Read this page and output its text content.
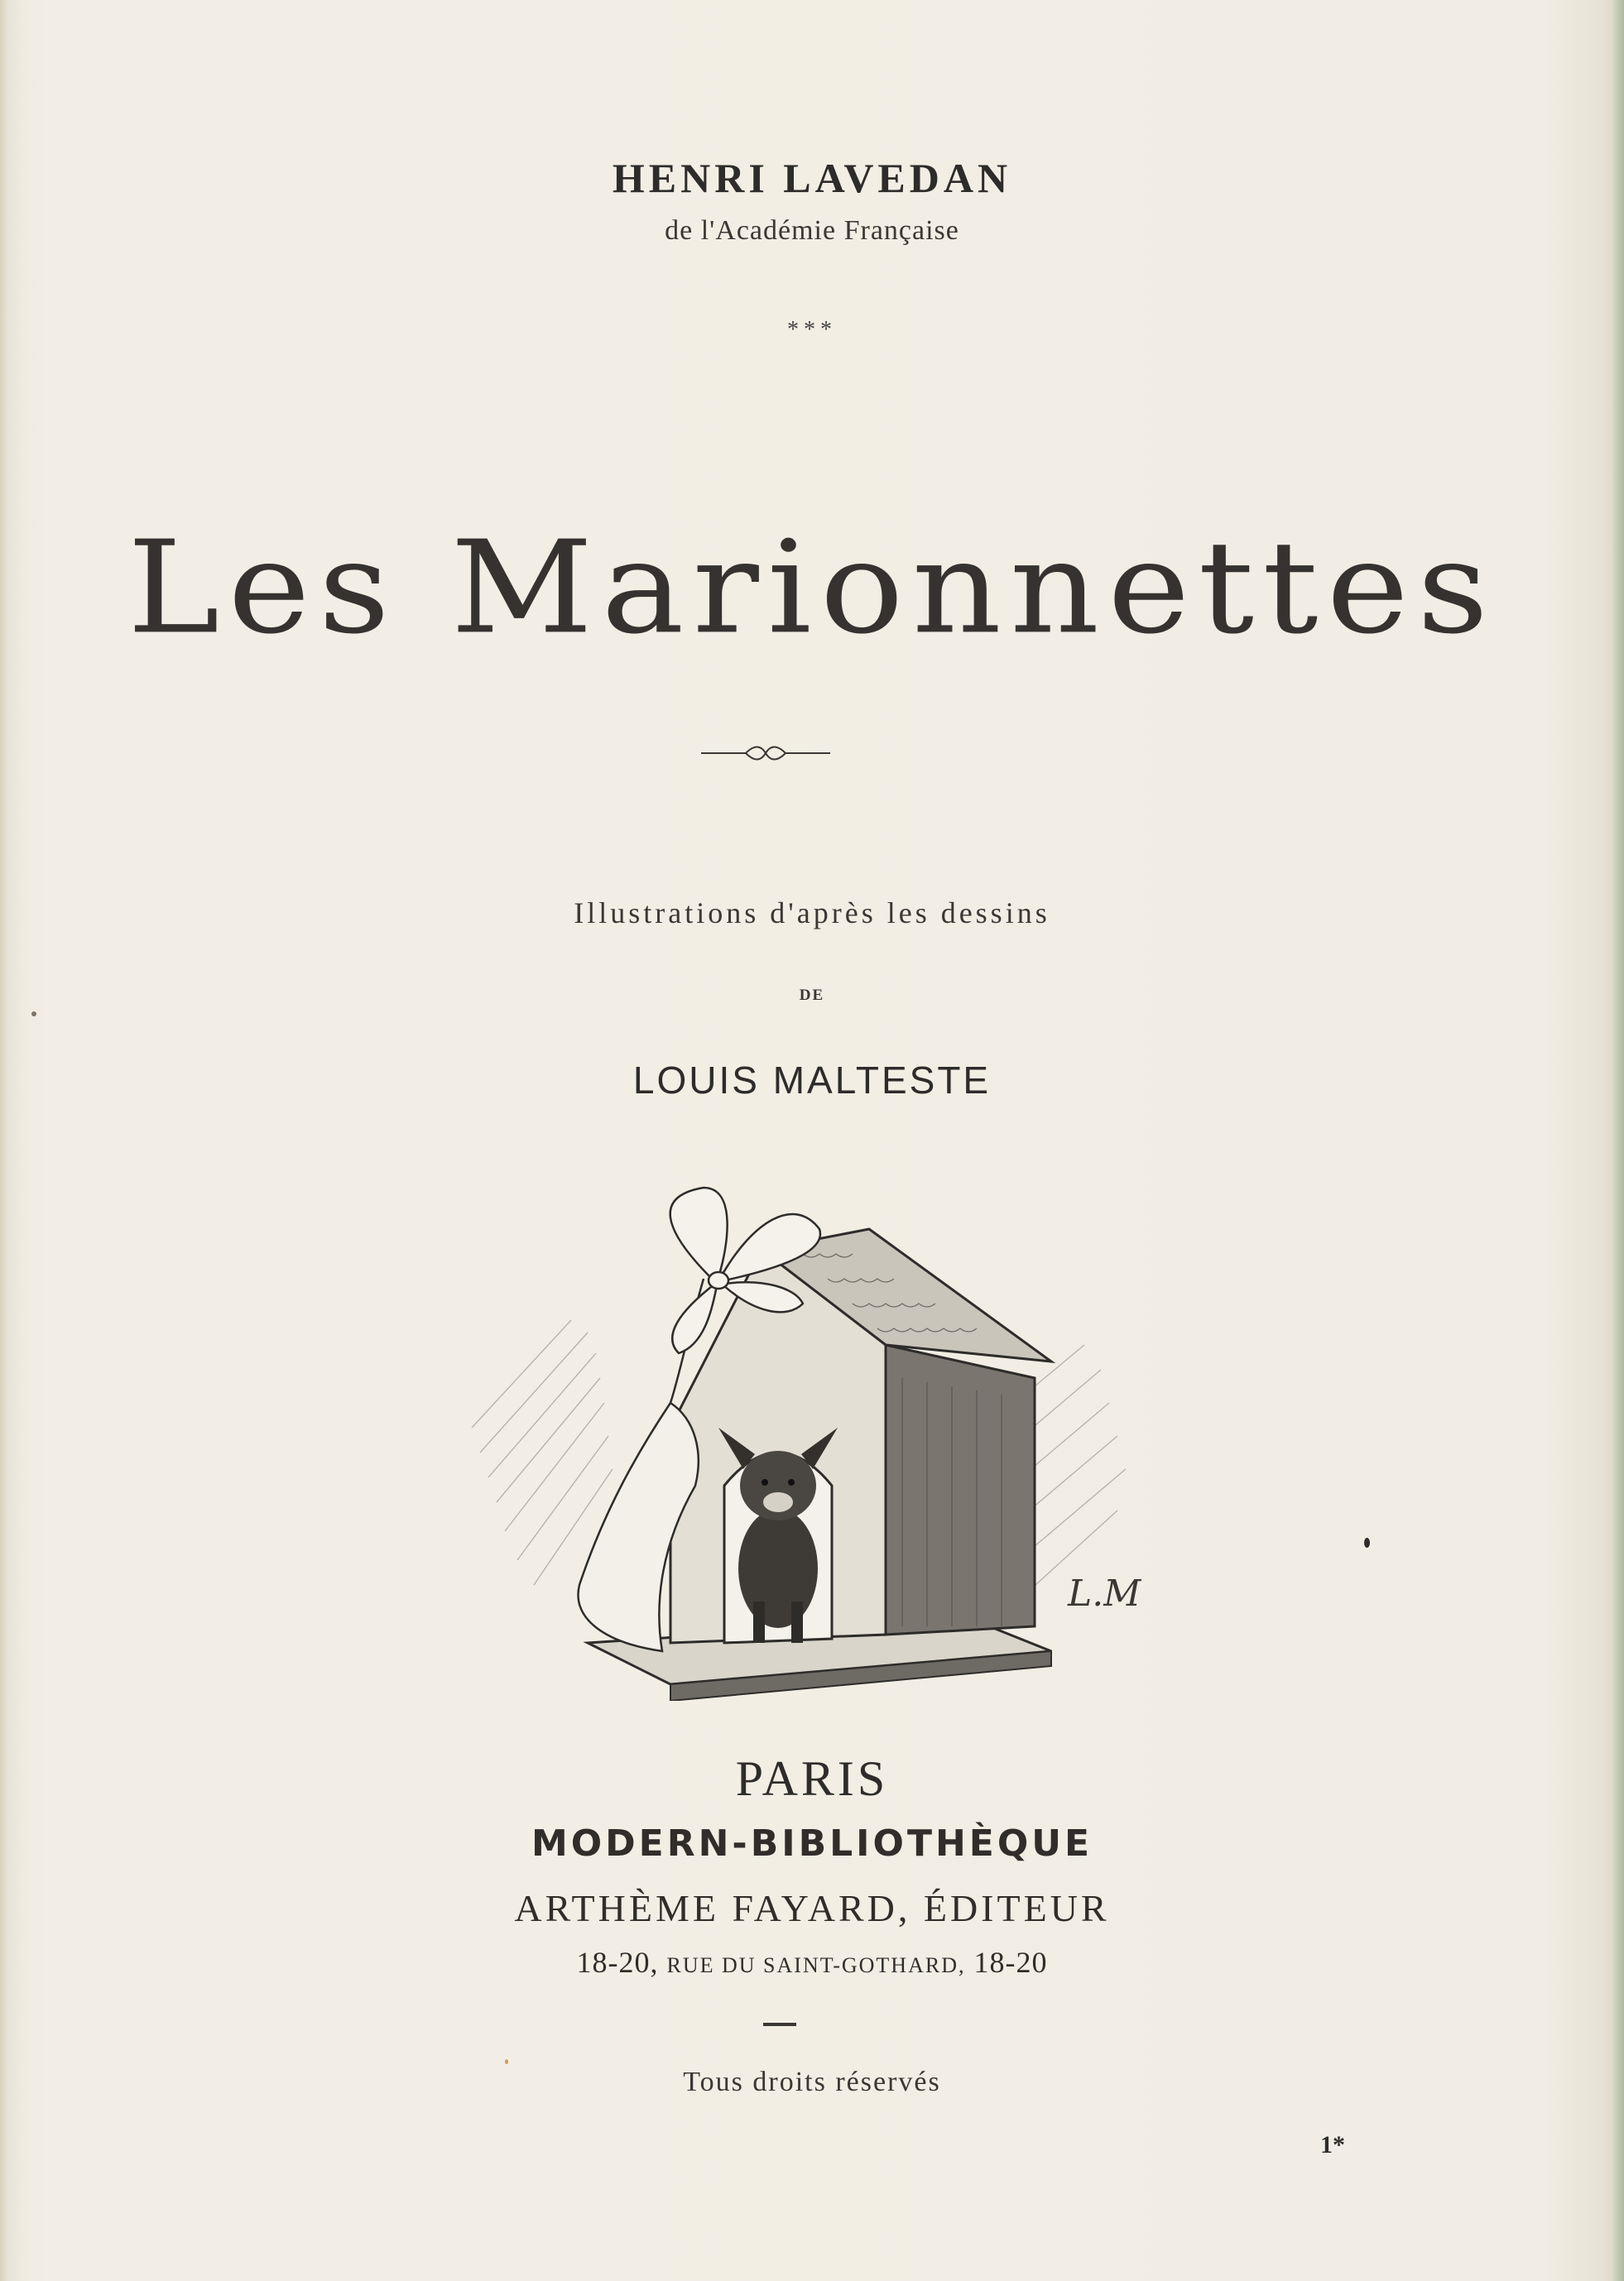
HENRI LAVEDAN
de l'Académie Française
***
Les Marionnettes
Illustrations d'après les dessins
DE
LOUIS MALTESTE
L.M
PARIS
MODERN-BIBLIOTHÈQUE
ARTHÈME FAYARD, ÉDITEUR
18-20, RUE DU SAINT-GOTHARD, 18-20
Tous droits réservés
1*
